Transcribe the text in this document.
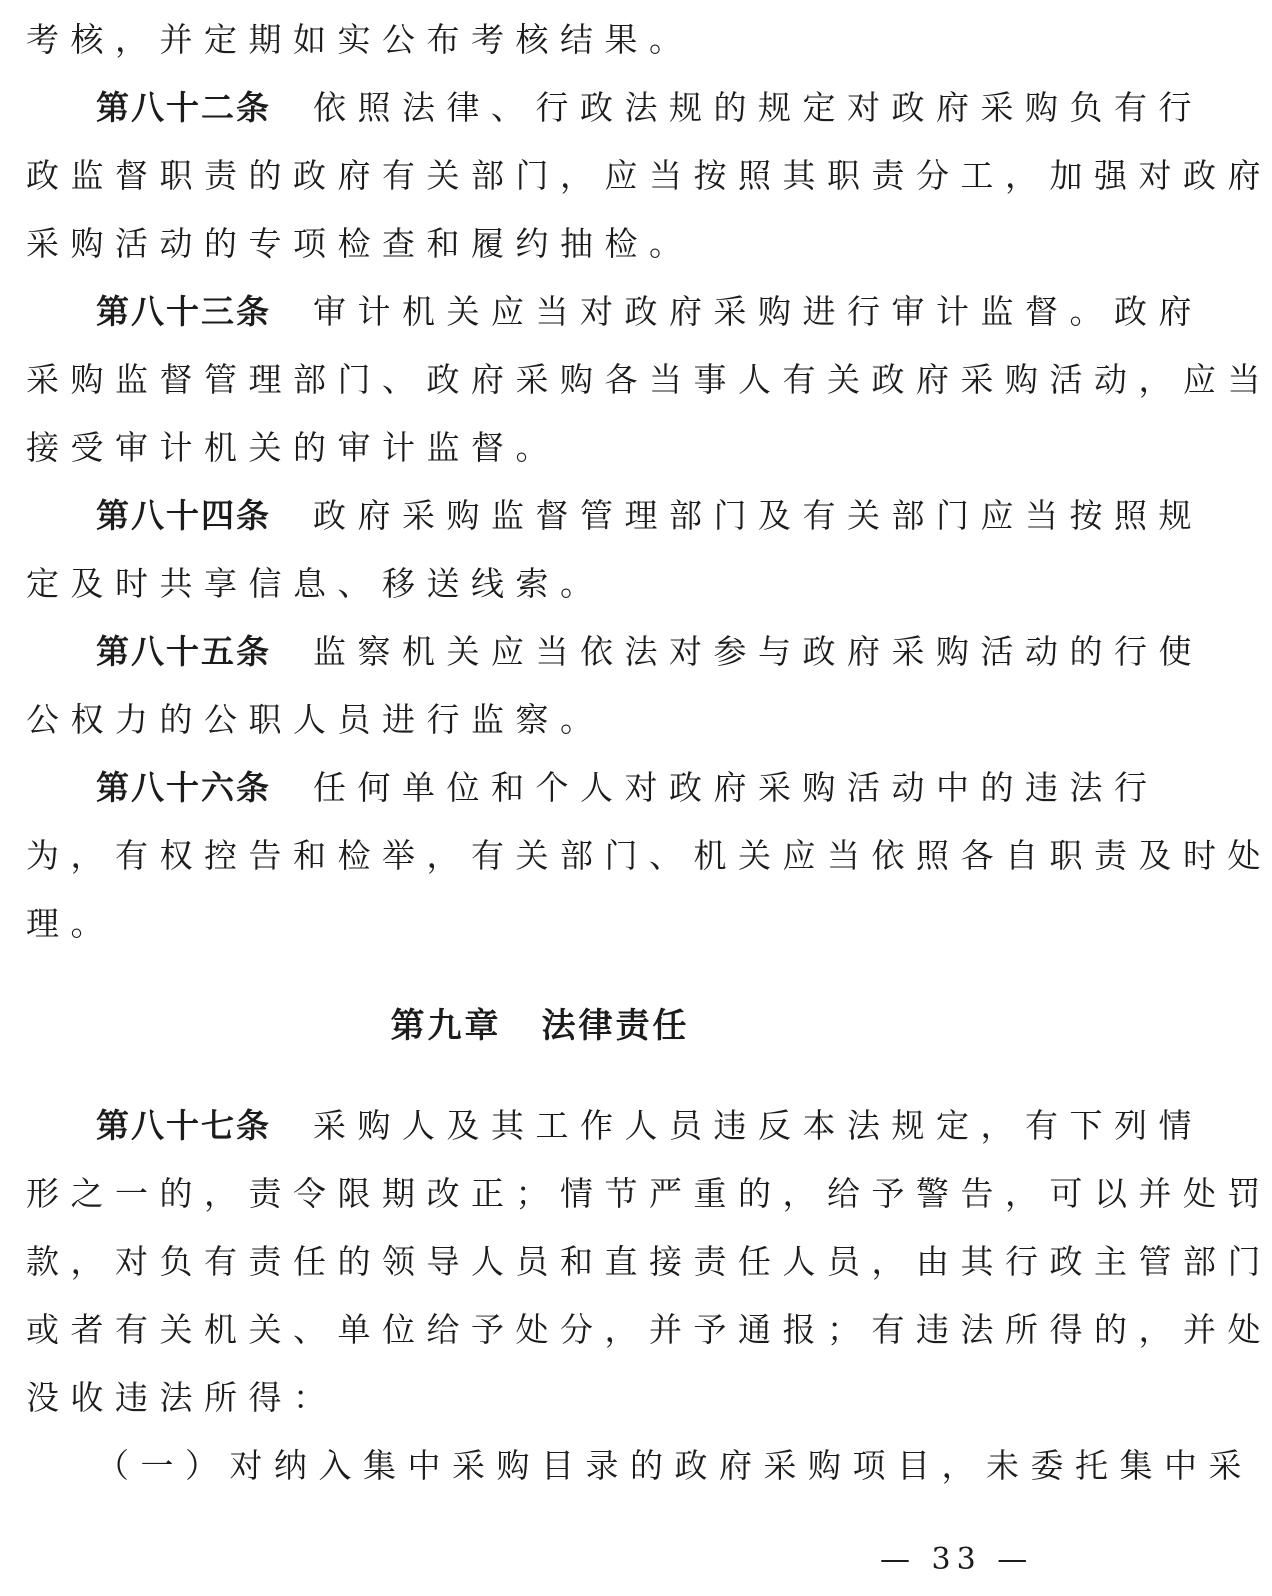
考核，并定期如实公布考核结果。
第八十二条 依照法律、行政法规的规定对政府采购负有行
政监督职责的政府有关部门，应当按照其职责分工，加强对政府
采购活动的专项检查和履约抽检。
第八十三条 审计机关应当对政府采购进行审计监督。政府
采购监督管理部门、政府采购各当事人有关政府采购活动，应当
接受审计机关的审计监督。
第八十四条 政府采购监督管理部门及有关部门应当按照规
定及时共享信息、移送线索。
第八十五条 监察机关应当依法对参与政府采购活动的行使
公权力的公职人员进行监察。
第八十六条 任何单位和个人对政府采购活动中的违法行
为，有权控告和检举，有关部门、机关应当依照各自职责及时处
理。
第九章 法律责任
第八十七条 采购人及其工作人员违反本法规定，有下列情
形之一的，责令限期改正；情节严重的，给予警告，可以并处罚
款，对负有责任的领导人员和直接责任人员，由其行政主管部门
或者有关机关、单位给予处分，并予通报；有违法所得的，并处
没收违法所得：
（一）对纳入集中采购目录的政府采购项目，未委托集中采
— 33 —
